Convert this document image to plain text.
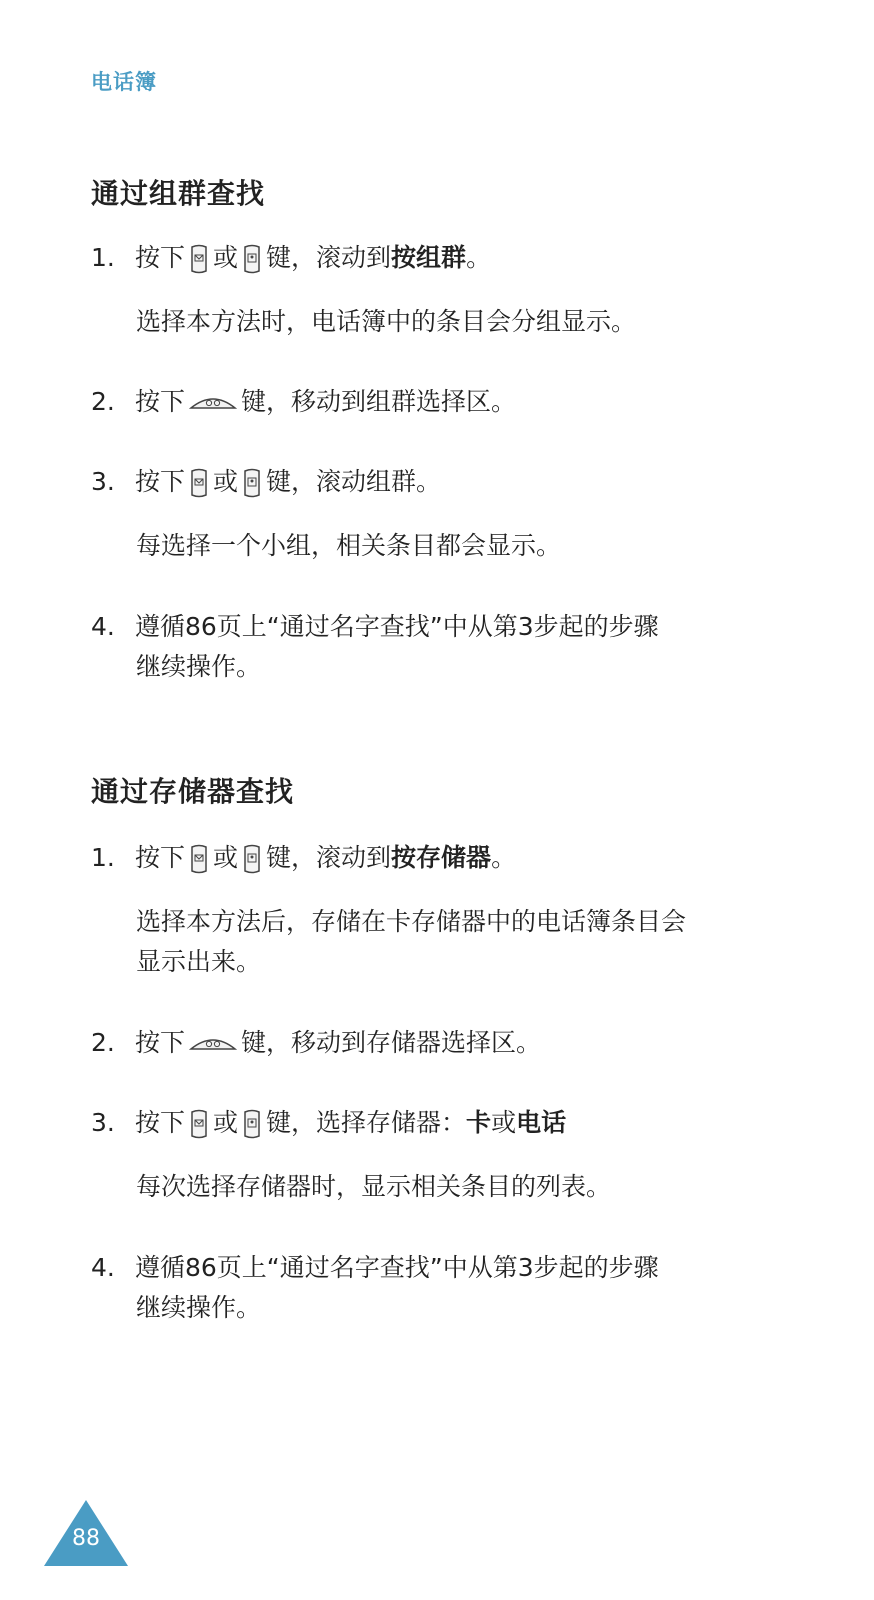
电话簿
通过组群查找
1. 按下 或 键，滚动到按组群。
选择本方法时，电话簿中的条目会分组显示。
2. 按下 键，移动到组群选择区。
3. 按下 或 键，滚动组群。
每选择一个小组，相关条目都会显示。
4. 遵循86页上“通过名字查找”中从第3步起的步骤
继续操作。
通过存储器查找
1. 按下 或 键，滚动到按存储器。
选择本方法后，存储在卡存储器中的电话簿条目会
显示出来。
2. 按下 键，移动到存储器选择区。
3. 按下 或 键，选择存储器：卡或电话
每次选择存储器时，显示相关条目的列表。
4. 遵循86页上“通过名字查找”中从第3步起的步骤
继续操作。
88
